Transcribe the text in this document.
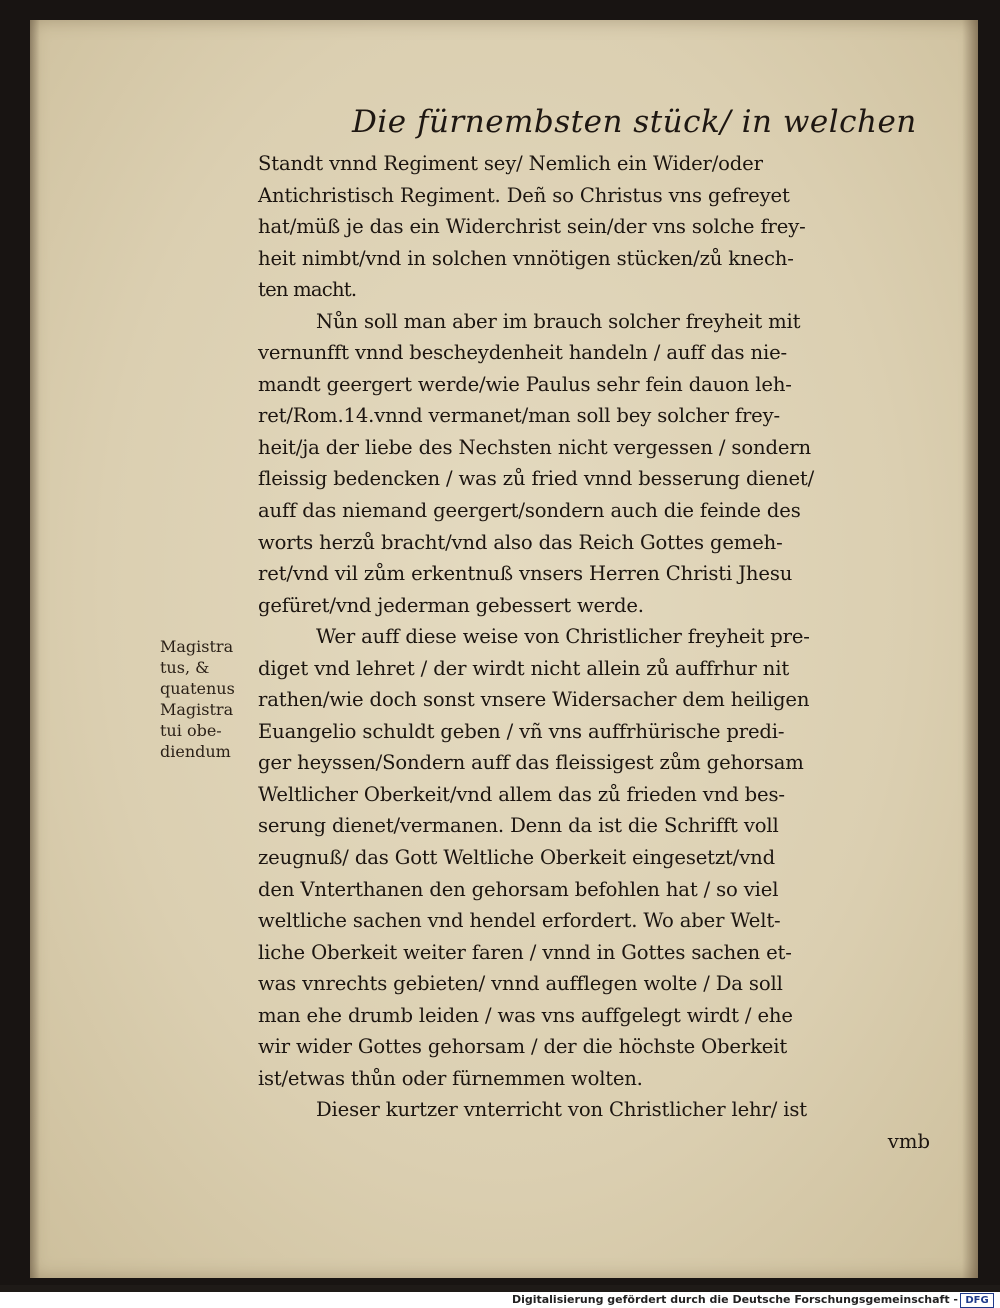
Die fürnembsten stück/ in welchen
Standt vnnd Regiment sey/ Nemlich ein Wider/oder
Antichristisch Regiment. Deñ so Christus vns gefreyet
hat/müß je das ein Widerchrist sein/der vns solche frey-
heit nimbt/vnd in solchen vnnötigen stücken/zů knech-
ten macht.
Nůn soll man aber im brauch solcher freyheit mit
vernunfft vnnd bescheydenheit handeln / auff das nie-
mandt geergert werde/wie Paulus sehr fein dauon leh-
ret/Rom.14.vnnd vermanet/man soll bey solcher frey-
heit/ja der liebe des Nechsten nicht vergessen / sondern
fleissig bedencken / was zů fried vnnd besserung dienet/
auff das niemand geergert/sondern auch die feinde des
worts herzů bracht/vnd also das Reich Gottes gemeh-
ret/vnd vil zům erkentnuß vnsers Herren Christi Jhesu
gefüret/vnd jederman gebessert werde.
Wer auff diese weise von Christlicher freyheit pre-
diget vnd lehret / der wirdt nicht allein zů auffrhur nit
rathen/wie doch sonst vnsere Widersacher dem heiligen
Euangelio schuldt geben / vñ vns auffrhürische predi-
ger heyssen/Sondern auff das fleissigest zům gehorsam
Weltlicher Oberkeit/vnd allem das zů frieden vnd bes-
serung dienet/vermanen. Denn da ist die Schrifft voll
zeugnuß/ das Gott Weltliche Oberkeit eingesetzt/vnd
den Vnterthanen den gehorsam befohlen hat / so viel
weltliche sachen vnd hendel erfordert. Wo aber Welt-
liche Oberkeit weiter faren / vnnd in Gottes sachen et-
was vnrechts gebieten/ vnnd aufflegen wolte / Da soll
man ehe drumb leiden / was vns auffgelegt wirdt / ehe
wir wider Gottes gehorsam / der die höchste Oberkeit
ist/etwas thůn oder fürnemmen wolten.
Dieser kurtzer vnterricht von Christlicher lehr/ ist
vmb
Magistra
tus, &
quatenus
Magistra
tui obe-
diendum
Digitalisierung gefördert durch die Deutsche Forschungsgemeinschaft - DFG
